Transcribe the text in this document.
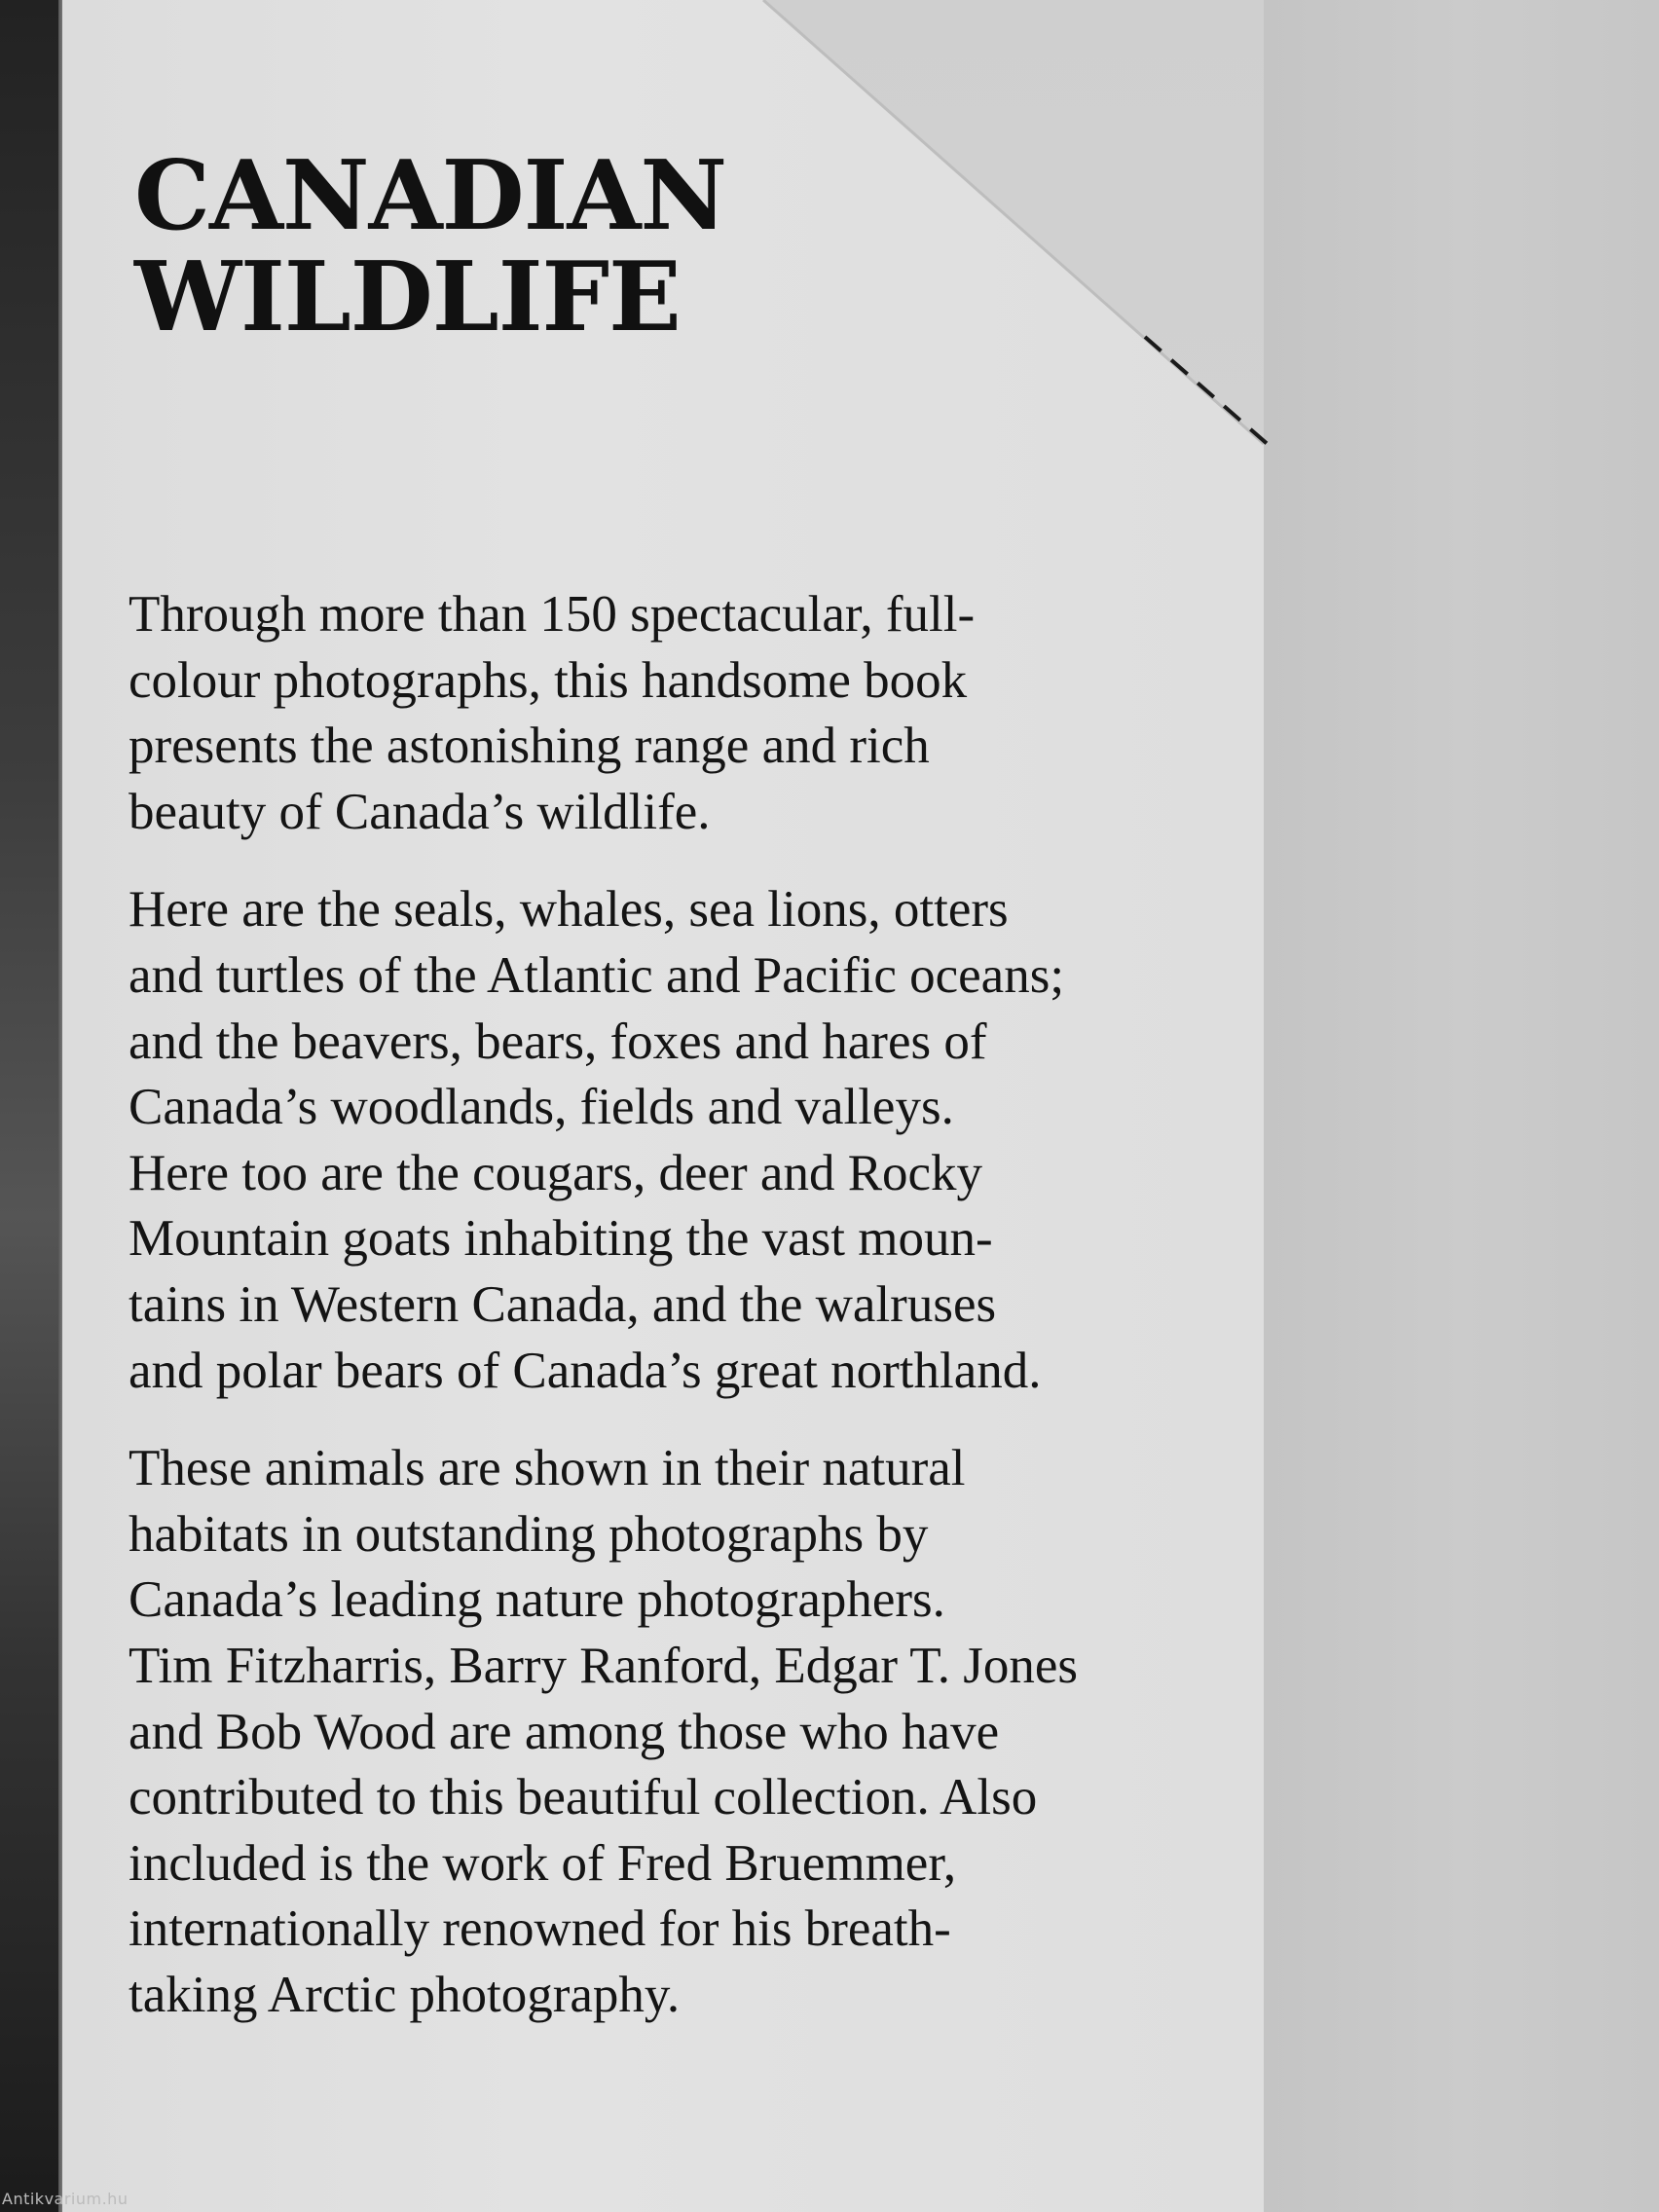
CANADIAN
WILDLIFE

Through more than 150 spectacular, full-
colour photographs, this handsome book
presents the astonishing range and rich
beauty of Canada’s wildlife.

Here are the seals, whales, sea lions, otters
and turtles of the Atlantic and Pacific oceans;
and the beavers, bears, foxes and hares of
Canada’s woodlands, fields and valleys.
Here too are the cougars, deer and Rocky
Mountain goats inhabiting the vast moun-
tains in Western Canada, and the walruses
and polar bears of Canada’s great northland.

These animals are shown in their natural
habitats in outstanding photographs by
Canada’s leading nature photographers.
Tim Fitzharris, Barry Ranford, Edgar T. Jones
and Bob Wood are among those who have
contributed to this beautiful collection. Also
included is the work of Fred Bruemmer,
internationally renowned for his breath-
taking Arctic photography.

Antikvarium.hu
